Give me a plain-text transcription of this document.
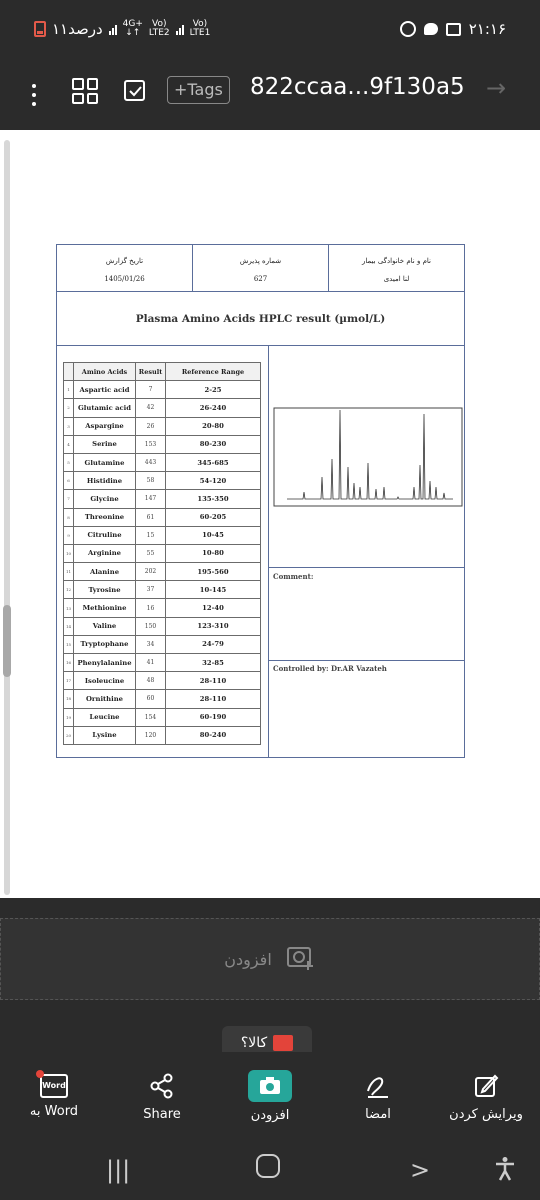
۱۱درصد 4G+
↓↑
Vo)
LTE2
Vo)
LTE1	۲۱:۱۶
+Tags	822ccaa...9f130a5 →
تاریخ گزارش
1405/01/26
شماره پذیرش
627
نام و نام خانوادگی بیمار
لنا امیدی
Plasma Amino Acids HPLC result (µmol/L)
	Amino Acids	Result	Reference Range
1	Aspartic acid	7	2-25
2	Glutamic acid	42	26-240
3	Aspargine	26	20-80
4	Serine	153	80-230
5	Glutamine	443	345-685
6	Histidine	58	54-120
7	Glycine	147	135-350
8	Threonine	61	60-205
9	Citruline	15	10-45
10	Arginine	55	10-80
11	Alanine	202	195-560
12	Tyrosine	37	10-145
13	Methionine	16	12-40
14	Valine	150	123-310
15	Tryptophane	34	24-79
16	Phenylalanine	41	32-85
17	Isoleucine	48	28-110
18	Ornithine	60	28-110
19	Leucine	154	60-190
20	Lysine	120	80-240
Comment:
Controlled by: Dr.AR Vazateh
افزودن
کالا؟
Word
به Word	Share	افزودن	امضا	ویرایش کردن
|||	>
